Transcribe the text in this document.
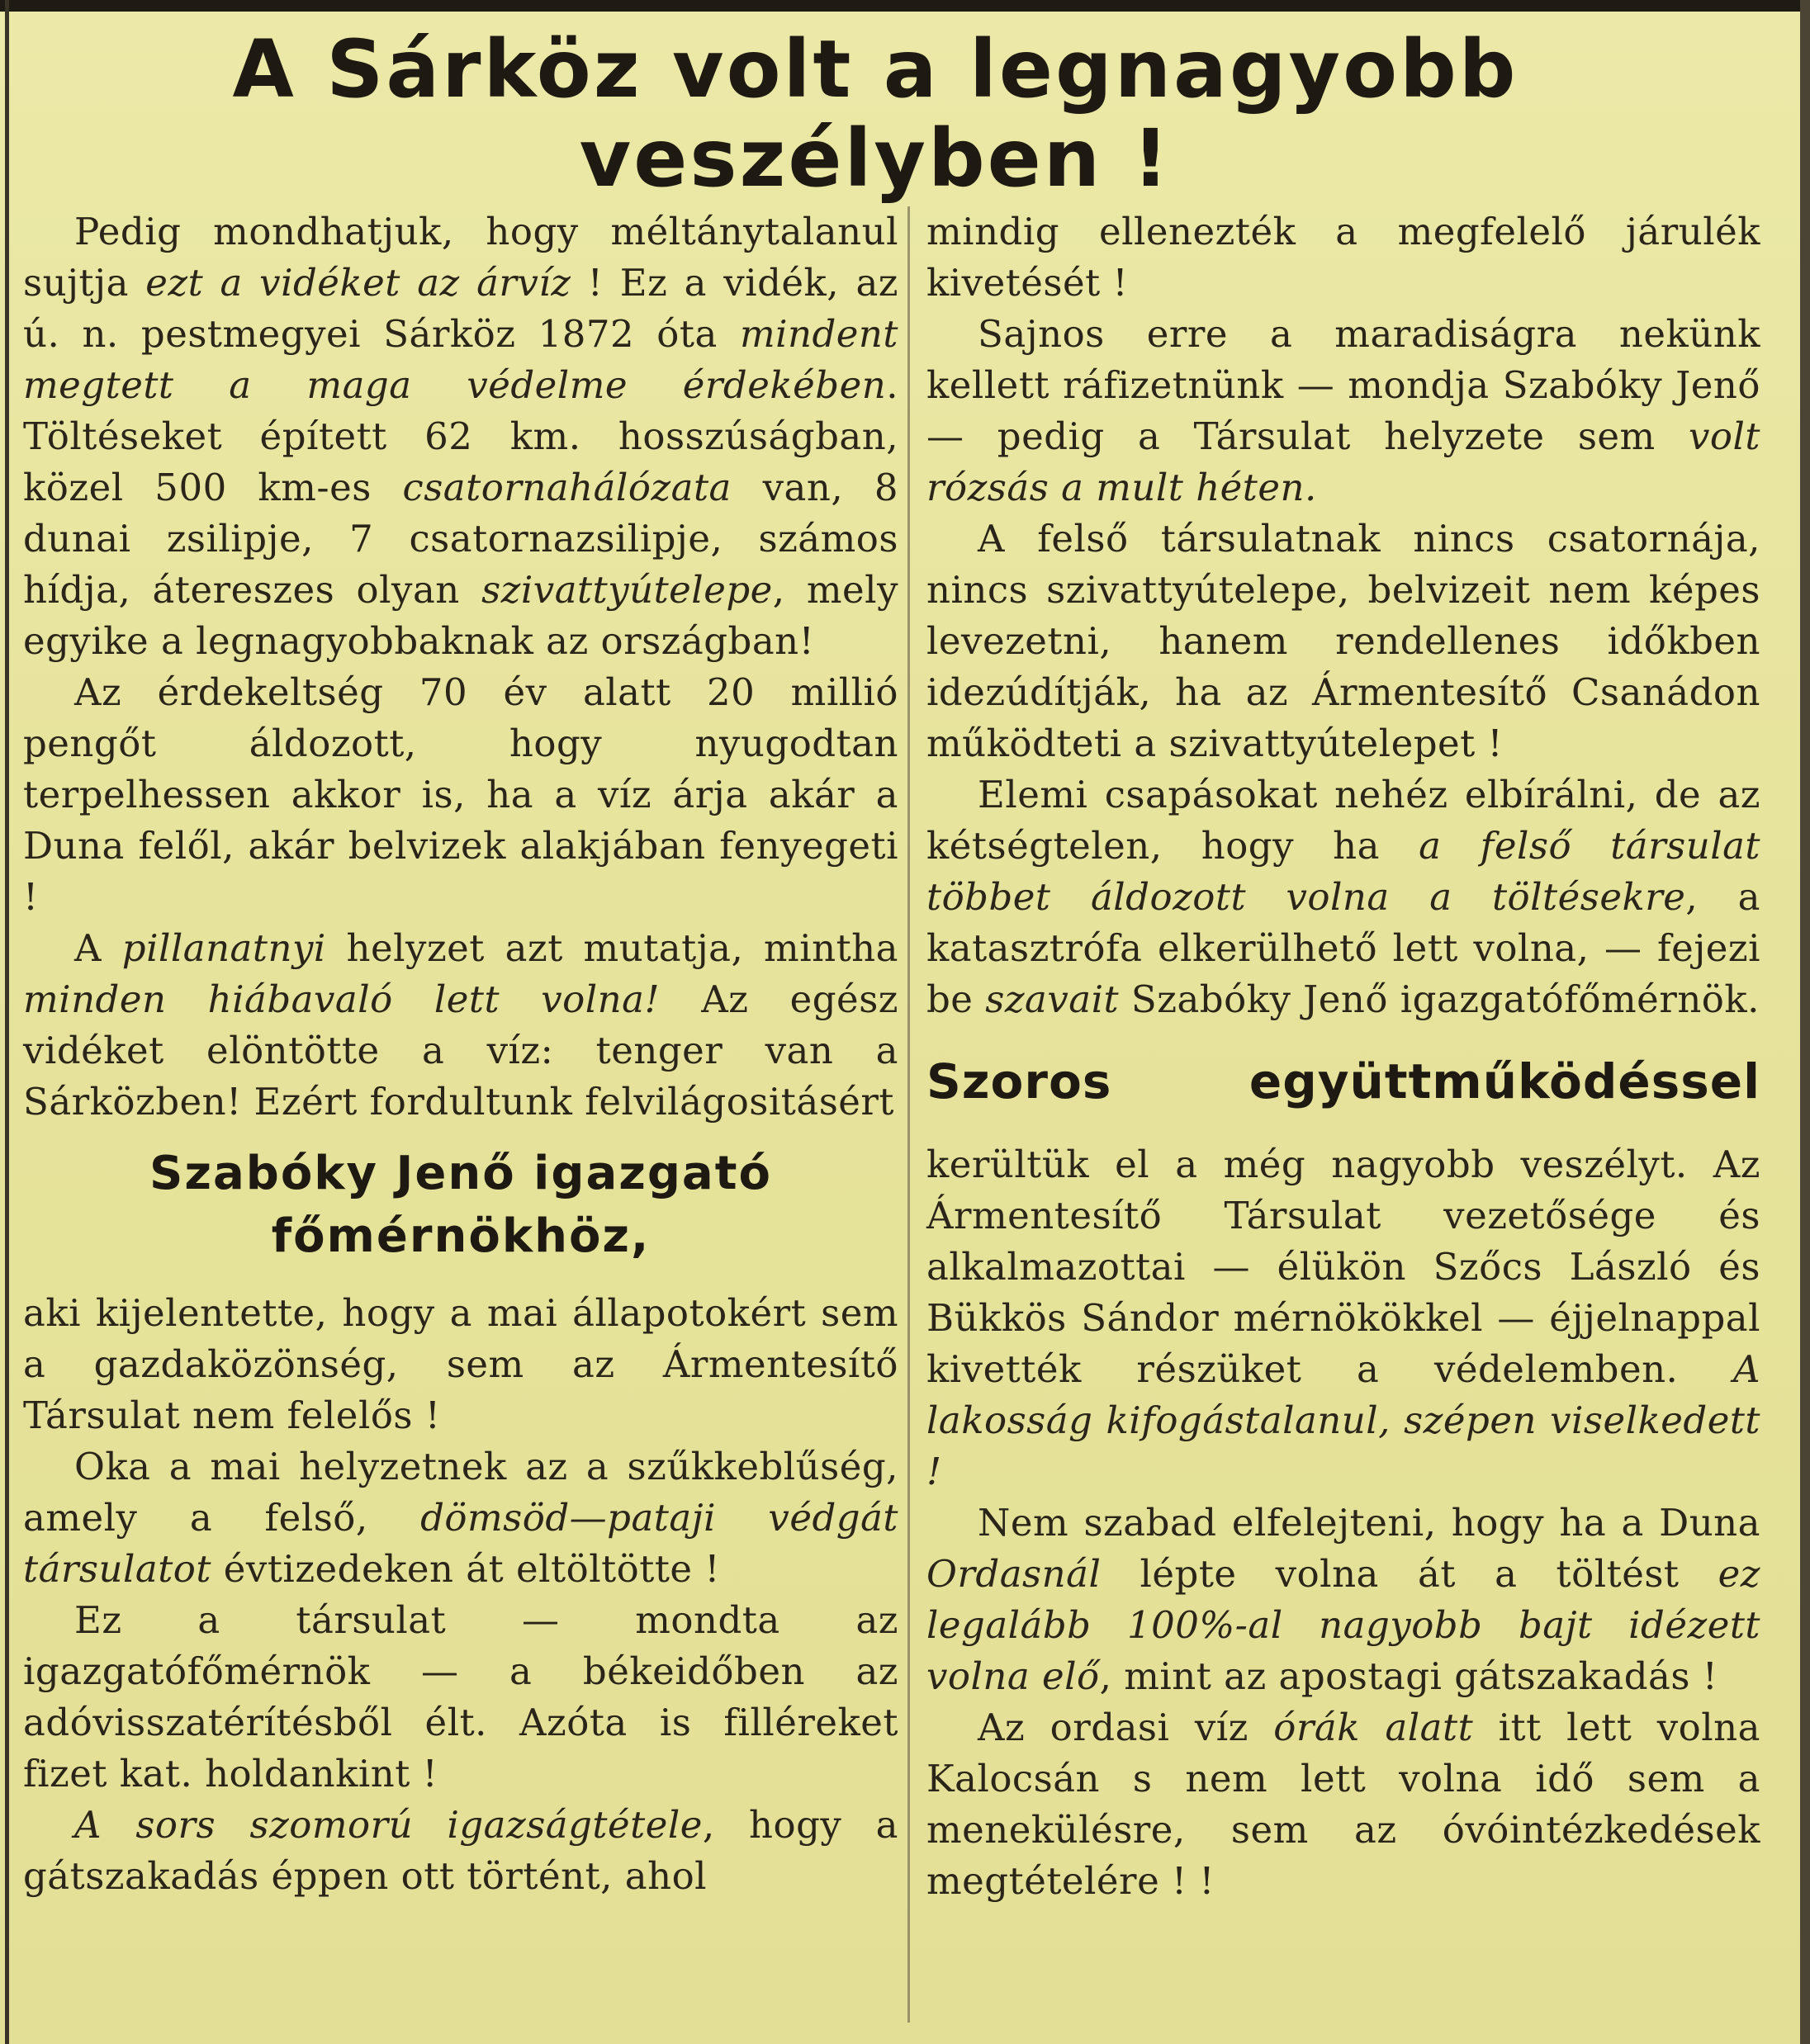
A Sárköz volt a legnagyobb
veszélyben !

Pedig mondhatjuk, hogy méltánytalanul sujtja ezt a vidéket az árvíz ! Ez a vidék, az ú. n. pestmegyei Sárköz 1872 óta mindent megtett a maga védelme érdekében. Töltéseket épített 62 km. hosszúságban, közel 500 km-es csatornahálózata van, 8 dunai zsilipje, 7 csatornazsilipje, számos hídja, átereszes olyan szivattyútelepe, mely egyike a legnagyobbaknak az országban!

Az érdekeltség 70 év alatt 20 millió pengőt áldozott, hogy nyugodtan terpelhessen akkor is, ha a víz árja akár a Duna felől, akár belvizek alakjában fenyegeti !

A pillanatnyi helyzet azt mutatja, mintha minden hiábavaló lett volna! Az egész vidéket elöntötte a víz: tenger van a Sárközben! Ezért fordultunk felvilágositásért

Szabóky Jenő igazgató főmérnökhöz,

aki kijelentette, hogy a mai állapotokért sem a gazdaközönség, sem az Ármentesítő Társulat nem felelős !

Oka a mai helyzetnek az a szűkkeblűség, amely a felső, dömsöd—pataji védgát társulatot évtizedeken át eltöltötte !

Ez a társulat — mondta az igazgatófőmérnök — a békeidőben az adóvisszatérítésből élt. Azóta is filléreket fizet kat. holdankint !

A sors szomorú igazságtétele, hogy a gátszakadás éppen ott történt, ahol

mindig ellenezték a megfelelő járulék kivetését !

Sajnos erre a maradiságra nekünk kellett ráfizetnünk — mondja Szabóky Jenő — pedig a Társulat helyzete sem volt rózsás a mult héten.

A felső társulatnak nincs csatornája, nincs szivattyútelepe, belvizeit nem képes levezetni, hanem rendellenes időkben idezúdítják, ha az Ármentesítő Csanádon működteti a szivattyútelepet !

Elemi csapásokat nehéz elbírálni, de az kétségtelen, hogy ha a felső társulat többet áldozott volna a töltésekre, a katasztrófa elkerülhető lett volna, — fejezi be szavait Szabóky Jenő igazgatófőmérnök.

Szoros együttműködéssel

kerültük el a még nagyobb veszélyt. Az Ármentesítő Társulat vezetősége és alkalmazottai — élükön Szőcs László és Bükkös Sándor mérnökökkel — éjjelnappal kivették részüket a védelemben. A lakosság kifogástalanul, szépen viselkedett !

Nem szabad elfelejteni, hogy ha a Duna Ordasnál lépte volna át a töltést ez legalább 100%-al nagyobb bajt idézett volna elő, mint az apostagi gátszakadás !

Az ordasi víz órák alatt itt lett volna Kalocsán s nem lett volna idő sem a menekülésre, sem az óvóintézkedések megtételére ! !
